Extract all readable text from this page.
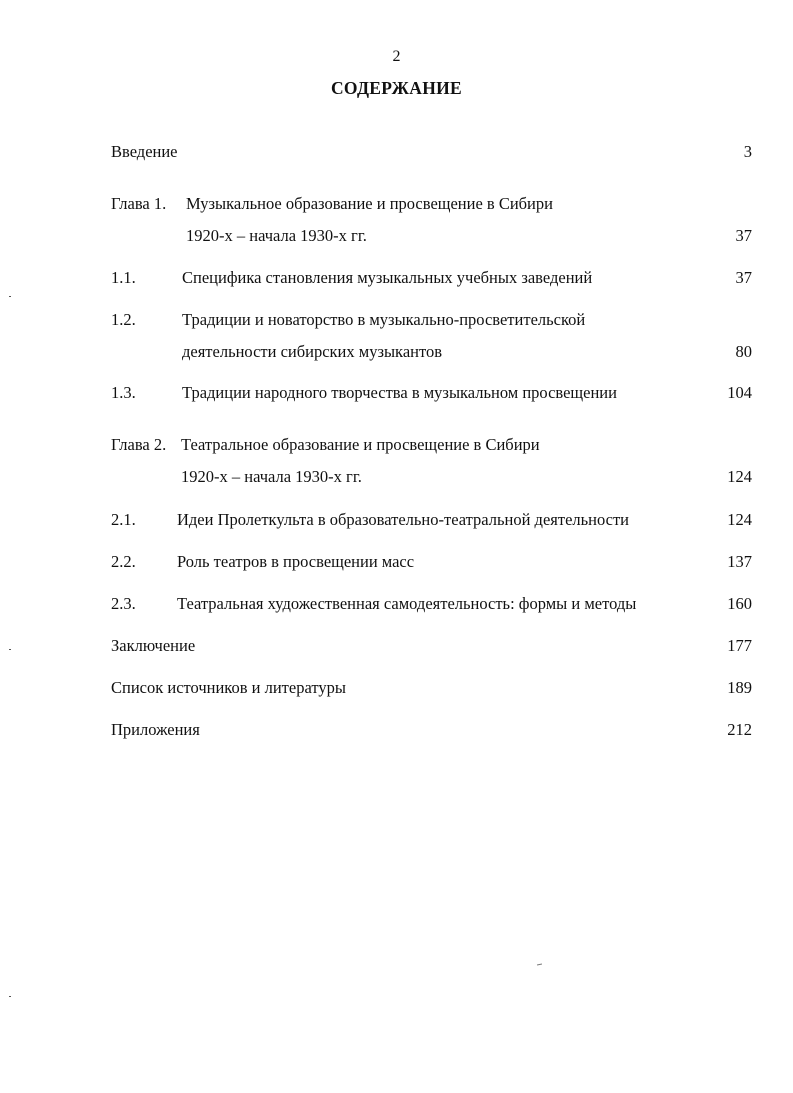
2
СОДЕРЖАНИЕ
Введение	3
Глава 1. Музыкальное образование и просвещение в Сибири
1920-х – начала 1930-х гг.	37
1.1.	Специфика становления музыкальных учебных заведений	37
1.2.	Традиции и новаторство в музыкально-просветительской
деятельности сибирских музыкантов	80
1.3.	Традиции народного творчества в музыкальном просвещении	104
Глава 2. Театральное образование и просвещение в Сибири
1920-х – начала 1930-х гг.	124
2.1.	Идеи Пролеткульта в образовательно-театральной деятельности	124
2.2.	Роль театров в просвещении масс	137
2.3.	Театральная художественная самодеятельность: формы и методы	160
Заключение	177
Список источников и литературы	189
Приложения	212
